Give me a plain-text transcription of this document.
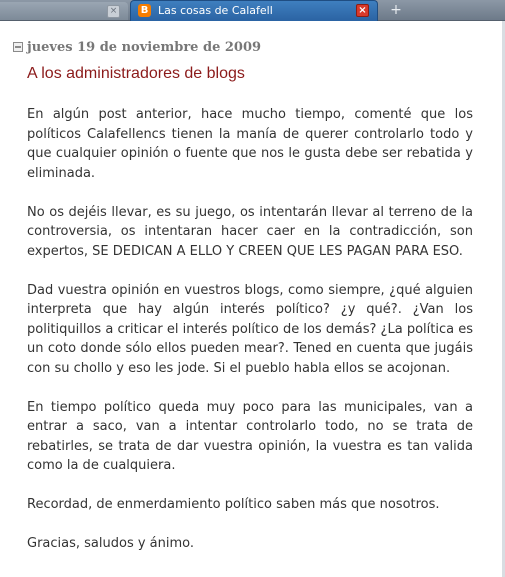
× B Las cosas de Calafell	× +
jueves 19 de noviembre de 2009
A los administradores de blogs

En algún post anterior, hace mucho tiempo, comenté que los políticos Calafellencs tienen la manía de querer controlarlo todo y que cualquier opinión o fuente que nos le gusta debe ser rebatida y eliminada.

No os dejéis llevar, es su juego, os intentarán llevar al terreno de la controversia, os intentaran hacer caer en la contradicción, son expertos, SE DEDICAN A ELLO Y CREEN QUE LES PAGAN PARA ESO.

Dad vuestra opinión en vuestros blogs, como siempre, ¿qué alguien interpreta que hay algún interés político? ¿y qué?. ¿Van los politiquillos a criticar el interés político de los demás? ¿La política es un coto donde sólo ellos pueden mear?. Tened en cuenta que jugáis con su chollo y eso les jode. Si el pueblo habla ellos se acojonan.

En tiempo político queda muy poco para las municipales, van a entrar a saco, van a intentar controlarlo todo, no se trata de rebatirles, se trata de dar vuestra opinión, la vuestra es tan valida como la de cualquiera.

Recordad, de enmerdamiento político saben más que nosotros.

Gracias, saludos y ánimo.
